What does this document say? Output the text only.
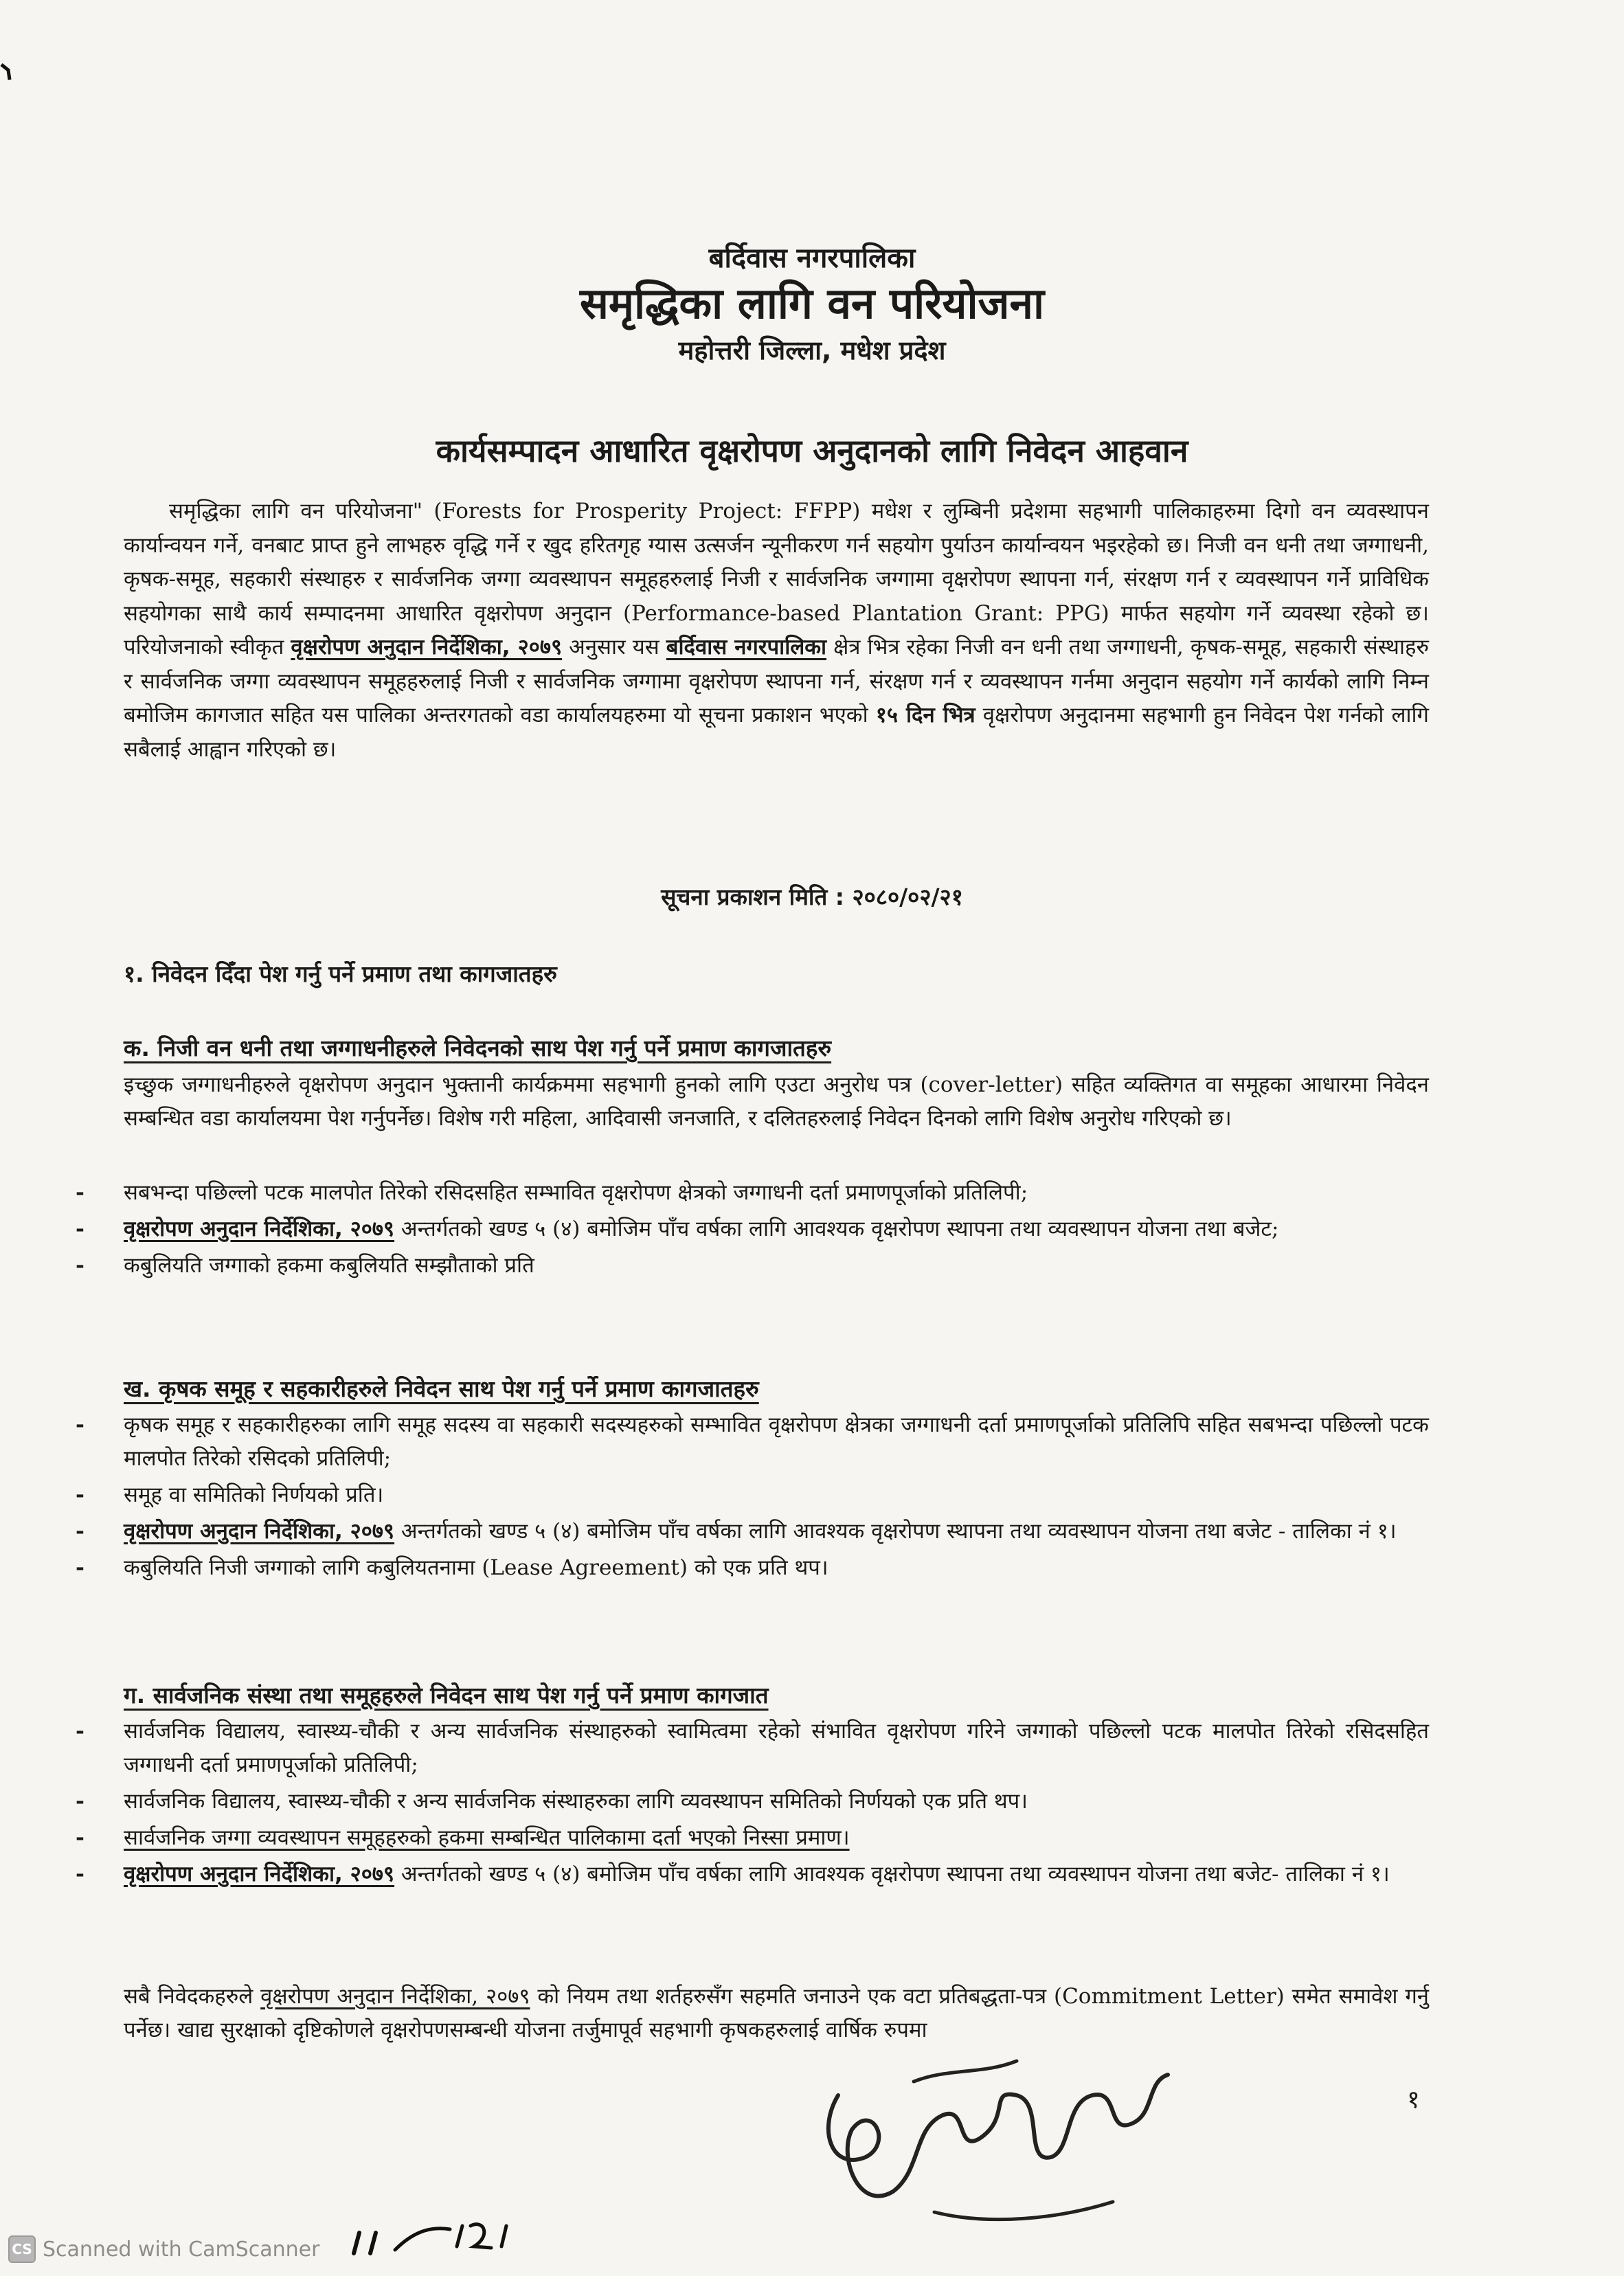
बर्दिवास नगरपालिका
समृद्धिका लागि वन परियोजना
महोत्तरी जिल्ला, मधेश प्रदेश
कार्यसम्पादन आधारित वृक्षरोपण अनुदानको लागि निवेदन आहवान
समृद्धिका लागि वन परियोजना" (Forests for Prosperity Project: FFPP) मधेश र लुम्बिनी प्रदेशमा सहभागी पालिकाहरुमा दिगो वन व्यवस्थापन कार्यान्वयन गर्ने, वनबाट प्राप्त हुने लाभहरु वृद्धि गर्ने र खुद हरितगृह ग्यास उत्सर्जन न्यूनीकरण गर्न सहयोग पुर्याउन कार्यान्वयन भइरहेको छ। निजी वन धनी तथा जग्गाधनी, कृषक-समूह, सहकारी संस्थाहरु र सार्वजनिक जग्गा व्यवस्थापन समूहहरुलाई निजी र सार्वजनिक जग्गामा वृक्षरोपण स्थापना गर्न, संरक्षण गर्न र व्यवस्थापन गर्ने प्राविधिक सहयोगका साथै कार्य सम्पादनमा आधारित वृक्षरोपण अनुदान (Performance-based Plantation Grant: PPG) मार्फत सहयोग गर्ने व्यवस्था रहेको छ। परियोजनाको स्वीकृत वृक्षरोपण अनुदान निर्देशिका, २०७९ अनुसार यस बर्दिवास नगरपालिका क्षेत्र भित्र रहेका निजी वन धनी तथा जग्गाधनी, कृषक-समूह, सहकारी संस्थाहरु र सार्वजनिक जग्गा व्यवस्थापन समूहहरुलाई निजी र सार्वजनिक जग्गामा वृक्षरोपण स्थापना गर्न, संरक्षण गर्न र व्यवस्थापन गर्नमा अनुदान सहयोग गर्ने कार्यको लागि निम्न बमोजिम कागजात सहित यस पालिका अन्तरगतको वडा कार्यालयहरुमा यो सूचना प्रकाशन भएको १५ दिन भित्र वृक्षरोपण अनुदानमा सहभागी हुन निवेदन पेश गर्नको लागि सबैलाई आह्वान गरिएको छ।
सूचना प्रकाशन मिति : २०८०/०२/२१
१. निवेदन दिँदा पेश गर्नु पर्ने प्रमाण तथा कागजातहरु
क. निजी वन धनी तथा जग्गाधनीहरुले निवेदनको साथ पेश गर्नु पर्ने प्रमाण कागजातहरु
इच्छुक जग्गाधनीहरुले वृक्षरोपण अनुदान भुक्तानी कार्यक्रममा सहभागी हुनको लागि एउटा अनुरोध पत्र (cover-letter) सहित व्यक्तिगत वा समूहका आधारमा निवेदन सम्बन्धित वडा कार्यालयमा पेश गर्नुपर्नेछ। विशेष गरी महिला, आदिवासी जनजाति, र दलितहरुलाई निवेदन दिनको लागि विशेष अनुरोध गरिएको छ।
- सबभन्दा पछिल्लो पटक मालपोत तिरेको रसिदसहित सम्भावित वृक्षरोपण क्षेत्रको जग्गाधनी दर्ता प्रमाणपूर्जाको प्रतिलिपी;
- वृक्षरोपण अनुदान निर्देशिका, २०७९ अन्तर्गतको खण्ड ५ (४) बमोजिम पाँच वर्षका लागि आवश्यक वृक्षरोपण स्थापना तथा व्यवस्थापन योजना तथा बजेट;
- कबुलियति जग्गाको हकमा कबुलियति सम्झौताको प्रति
ख. कृषक समूह र सहकारीहरुले निवेदन साथ पेश गर्नु पर्ने प्रमाण कागजातहरु
- कृषक समूह र सहकारीहरुका लागि समूह सदस्य वा सहकारी सदस्यहरुको सम्भावित वृक्षरोपण क्षेत्रका जग्गाधनी दर्ता प्रमाणपूर्जाको प्रतिलिपि सहित सबभन्दा पछिल्लो पटक मालपोत तिरेको रसिदको प्रतिलिपी;
- समूह वा समितिको निर्णयको प्रति।
- वृक्षरोपण अनुदान निर्देशिका, २०७९ अन्तर्गतको खण्ड ५ (४) बमोजिम पाँच वर्षका लागि आवश्यक वृक्षरोपण स्थापना तथा व्यवस्थापन योजना तथा बजेट - तालिका नं १।
- कबुलियति निजी जग्गाको लागि कबुलियतनामा (Lease Agreement) को एक प्रति थप।
ग. सार्वजनिक संस्था तथा समूहहरुले निवेदन साथ पेश गर्नु पर्ने प्रमाण कागजात
- सार्वजनिक विद्यालय, स्वास्थ्य-चौकी र अन्य सार्वजनिक संस्थाहरुको स्वामित्वमा रहेको संभावित वृक्षरोपण गरिने जग्गाको पछिल्लो पटक मालपोत तिरेको रसिदसहित जग्गाधनी दर्ता प्रमाणपूर्जाको प्रतिलिपी;
- सार्वजनिक विद्यालय, स्वास्थ्य-चौकी र अन्य सार्वजनिक संस्थाहरुका लागि व्यवस्थापन समितिको निर्णयको एक प्रति थप।
- सार्वजनिक जग्गा व्यवस्थापन समूहहरुको हकमा सम्बन्धित पालिकामा दर्ता भएको निस्सा प्रमाण।
- वृक्षरोपण अनुदान निर्देशिका, २०७९ अन्तर्गतको खण्ड ५ (४) बमोजिम पाँच वर्षका लागि आवश्यक वृक्षरोपण स्थापना तथा व्यवस्थापन योजना तथा बजेट- तालिका नं १।
सबै निवेदकहरुले वृक्षरोपण अनुदान निर्देशिका, २०७९ को नियम तथा शर्तहरुसँग सहमति जनाउने एक वटा प्रतिबद्धता-पत्र (Commitment Letter) समेत समावेश गर्नु पर्नेछ। खाद्य सुरक्षाको दृष्टिकोणले वृक्षरोपणसम्बन्धी योजना तर्जुमापूर्व सहभागी कृषकहरुलाई वार्षिक रुपमा
१
CS Scanned with CamScanner
